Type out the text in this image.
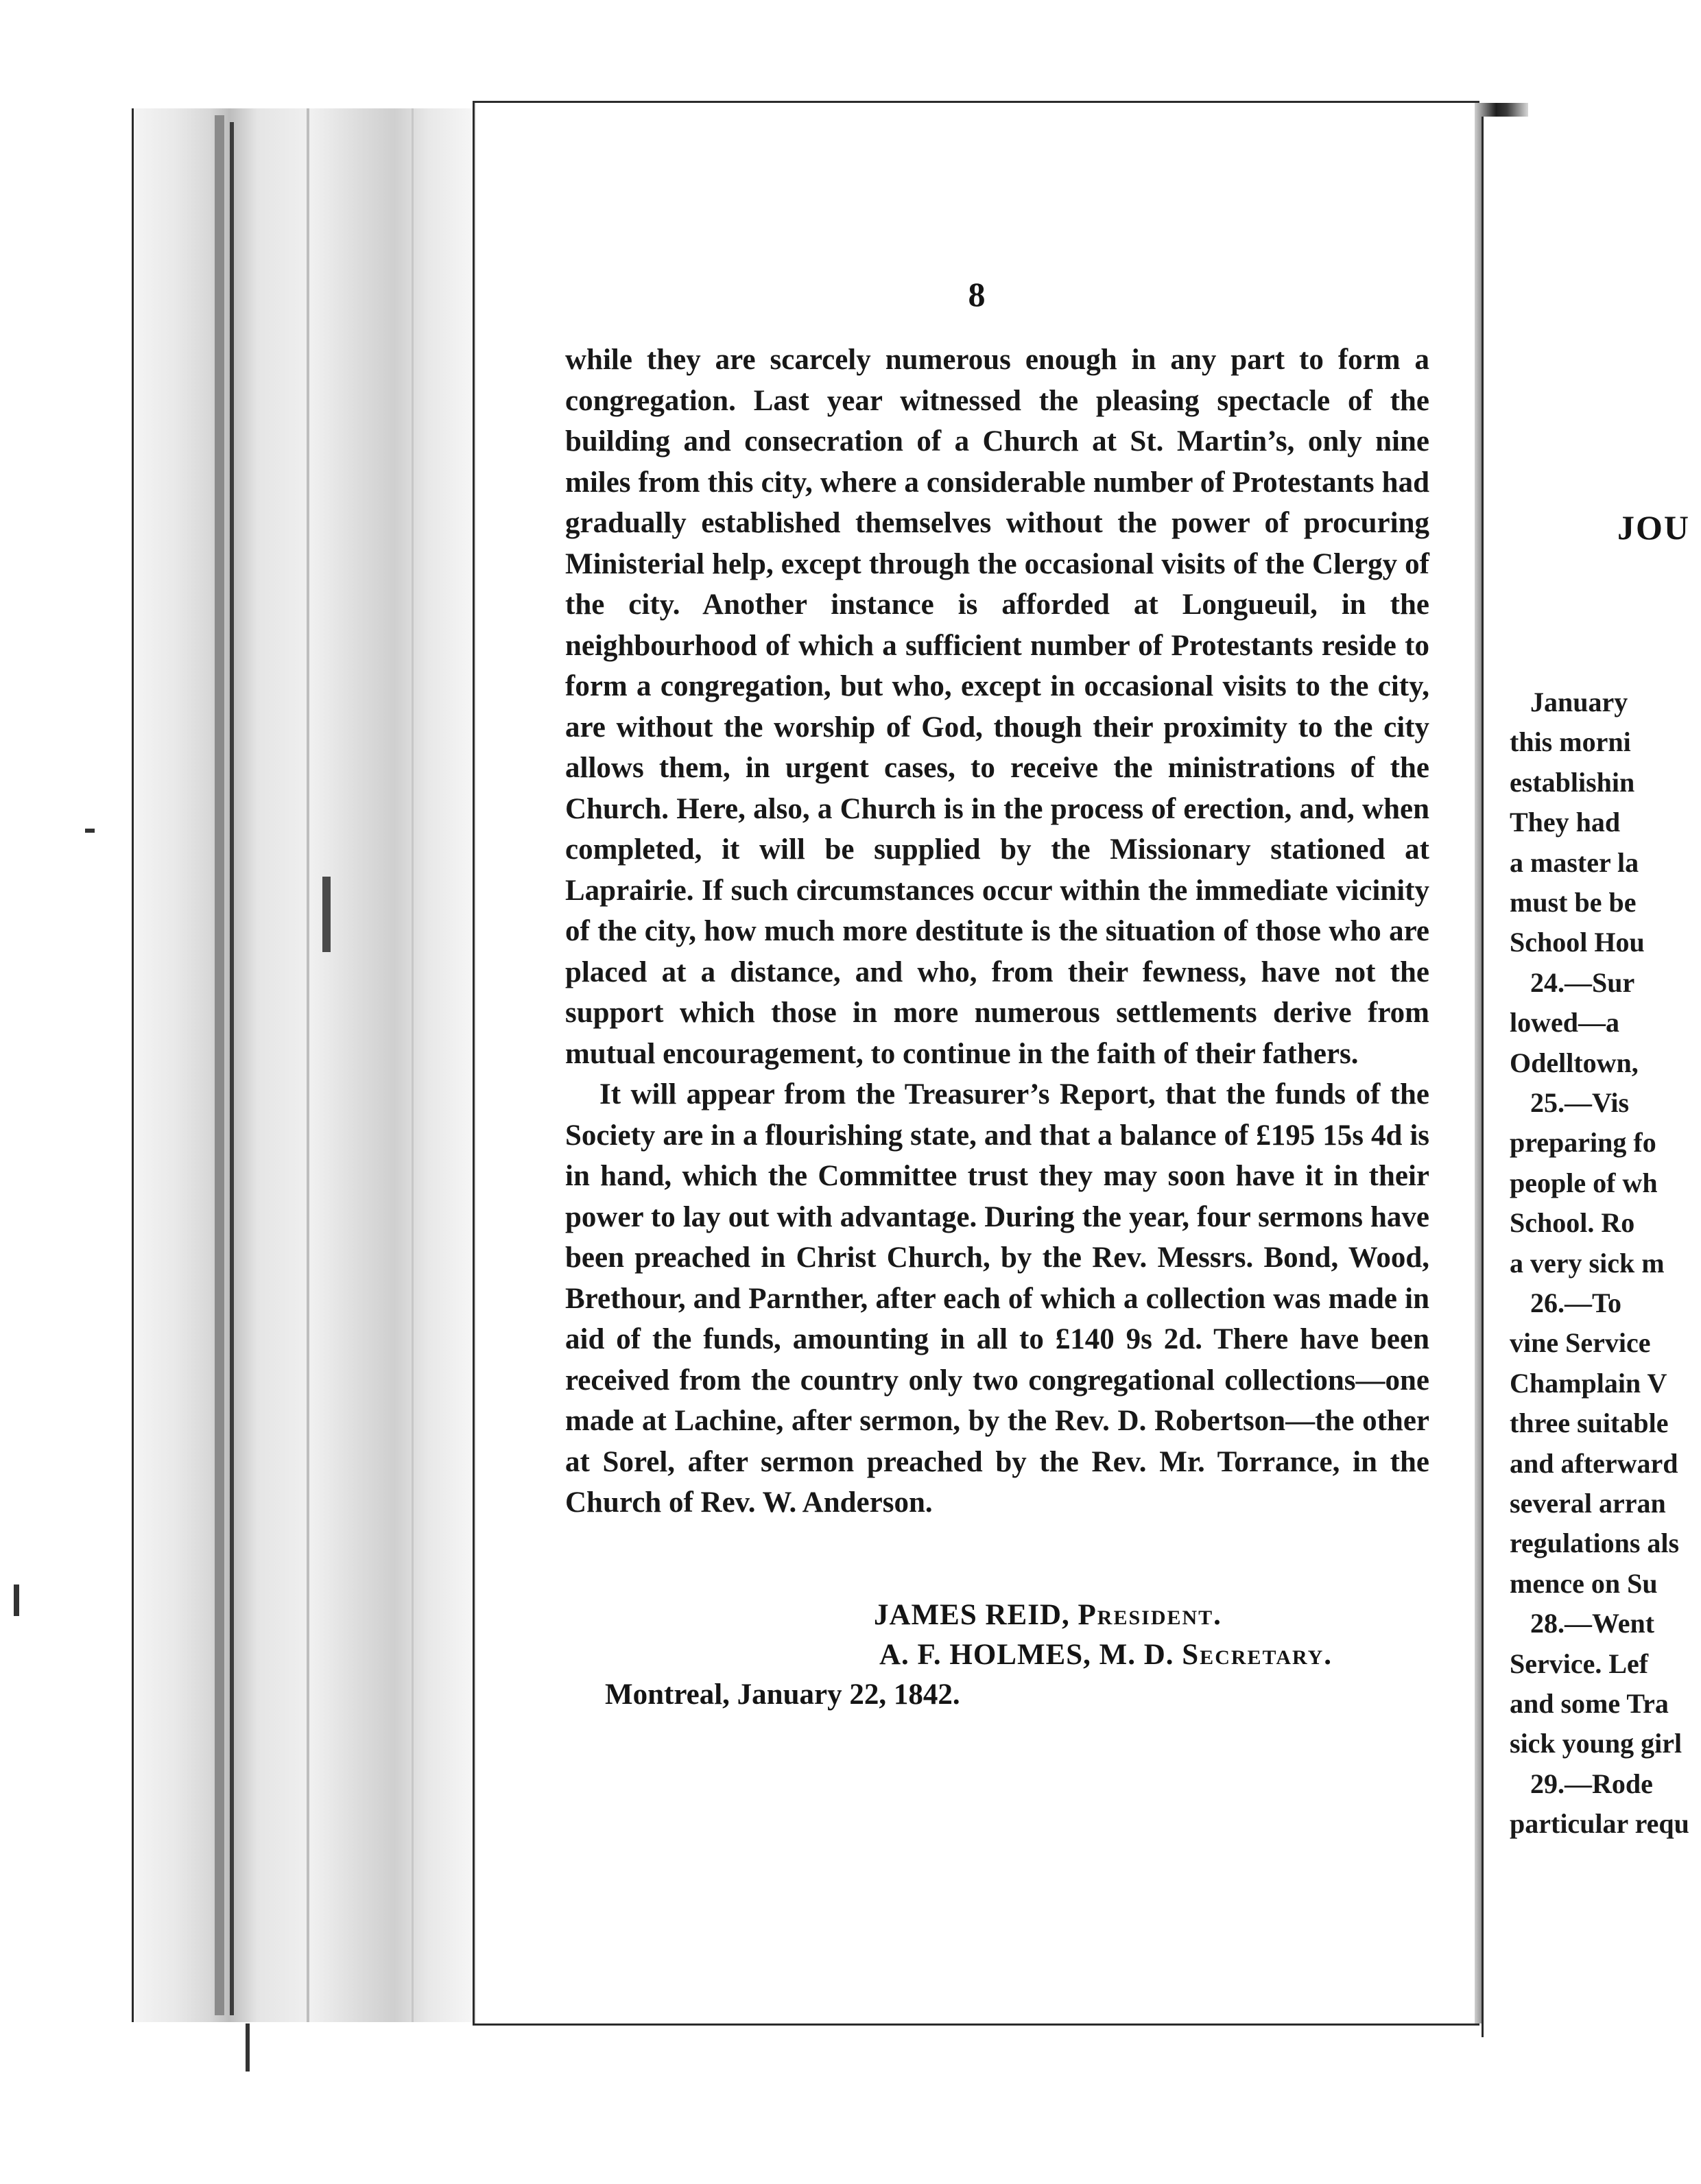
8

while they are scarcely numerous enough in any part to form a congregation. Last year witnessed the pleasing spectacle of the building and consecration of a Church at St. Martin’s, only nine miles from this city, where a considerable number of Protestants had gradually established themselves without the power of procuring Ministerial help, except through the occasional visits of the Clergy of the city. Another instance is afforded at Longueuil, in the neighbourhood of which a sufficient number of Protestants reside to form a congregation, but who, except in occasional visits to the city, are without the worship of God, though their proximity to the city allows them, in urgent cases, to receive the ministrations of the Church. Here, also, a Church is in the process of erection, and, when completed, it will be supplied by the Missionary stationed at Laprairie. If such circumstances occur within the immediate vicinity of the city, how much more destitute is the situation of those who are placed at a distance, and who, from their fewness, have not the support which those in more numerous settlements derive from mutual encouragement, to continue in the faith of their fathers.

It will appear from the Treasurer’s Report, that the funds of the Society are in a flourishing state, and that a balance of £195 15s 4d is in hand, which the Committee trust they may soon have it in their power to lay out with advantage. During the year, four sermons have been preached in Christ Church, by the Rev. Messrs. Bond, Wood, Brethour, and Parnther, after each of which a collection was made in aid of the funds, amounting in all to £140 9s 2d. There have been received from the country only two congregational collections—one made at Lachine, after sermon, by the Rev. D. Robertson—the other at Sorel, after sermon preached by the Rev. Mr. Torrance, in the Church of Rev. W. Anderson.

JAMES REID, President.
A. F. HOLMES, M. D. Secretary.
Montreal, January 22, 1842.
JOU
January
this morni
establishin
They had
a master la
must be be
School Hou
24.—Sur
lowed—a
Odelltown,
25.—Vis
preparing fo
people of wh
School. Ro
a very sick m
26.—To
vine Service
Champlain V
three suitable
and afterward
several arran
regulations als
mence on Su
28.—Went
Service. Lef
and some Tra
sick young girl
29.—Rode
particular requ
